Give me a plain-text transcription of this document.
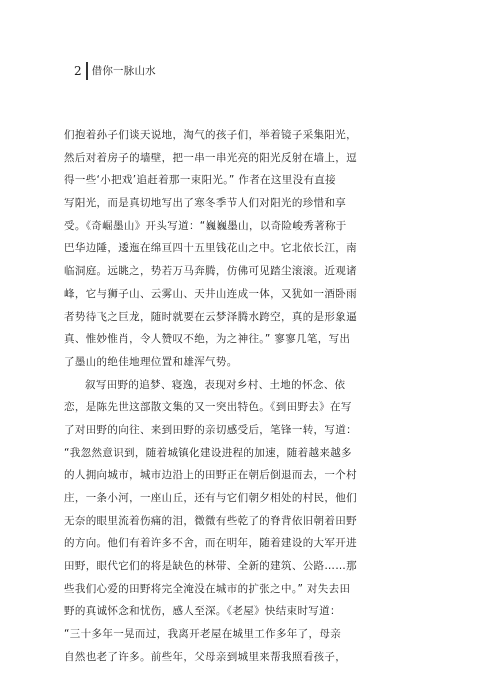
2 借你一脉山水
们抱着孙子们谈天说地，淘气的孩子们，举着镜子采集阳光，
然后对着房子的墙壁，把一串一串光亮的阳光反射在墙上，逗
得一些‘小把戏’追赶着那一束阳光。” 作者在这里没有直接
写阳光，而是真切地写出了寒冬季节人们对阳光的珍惜和享
受。《奇崛墨山》开头写道：“巍巍墨山，以奇险峻秀著称于
巴华边陲，逶迤在绵亘四十五里钱花山之中。它北依长江，南
临洞庭。远眺之，势若万马奔腾，仿佛可见踏尘滚滚。近观诸
峰，它与狮子山、云雾山、天井山连成一体，又犹如一酒卧雨
者势待飞之巨龙，随时就要在云梦泽腾水跨空，真的是形象逼
真、惟妙惟肖，令人赞叹不绝，为之神往。” 寥寥几笔，写出
了墨山的绝佳地理位置和雄浑气势。
叙写田野的追梦、寝逸，表现对乡村、土地的怀念、依
恋，是陈先世这部散文集的又一突出特色。《到田野去》在写
了对田野的向往、来到田野的亲切感受后，笔锋一转，写道：
“我忽然意识到，随着城镇化建设进程的加速，随着越来越多
的人拥向城市，城市边沿上的田野正在朝后倒退而去，一个村
庄，一条小河，一座山丘，还有与它们朝夕相处的村民，他们
无奈的眼里流着伤痛的泪，微微有些乾了的脊背依旧朝着田野
的方向。他们有着许多不舍，而在明年，随着建设的大军开进
田野，眼代它们的将是缺色的林带、全新的建筑、公路……那
些我们心爱的田野将完全淹没在城市的扩张之中。” 对失去田
野的真诚怀念和忧伤，感人至深。《老屋》快结束时写道：
“三十多年一晃而过，我离开老屋在城里工作多年了，母亲
自然也老了许多。前些年，父母亲到城里来帮我照看孩子，
